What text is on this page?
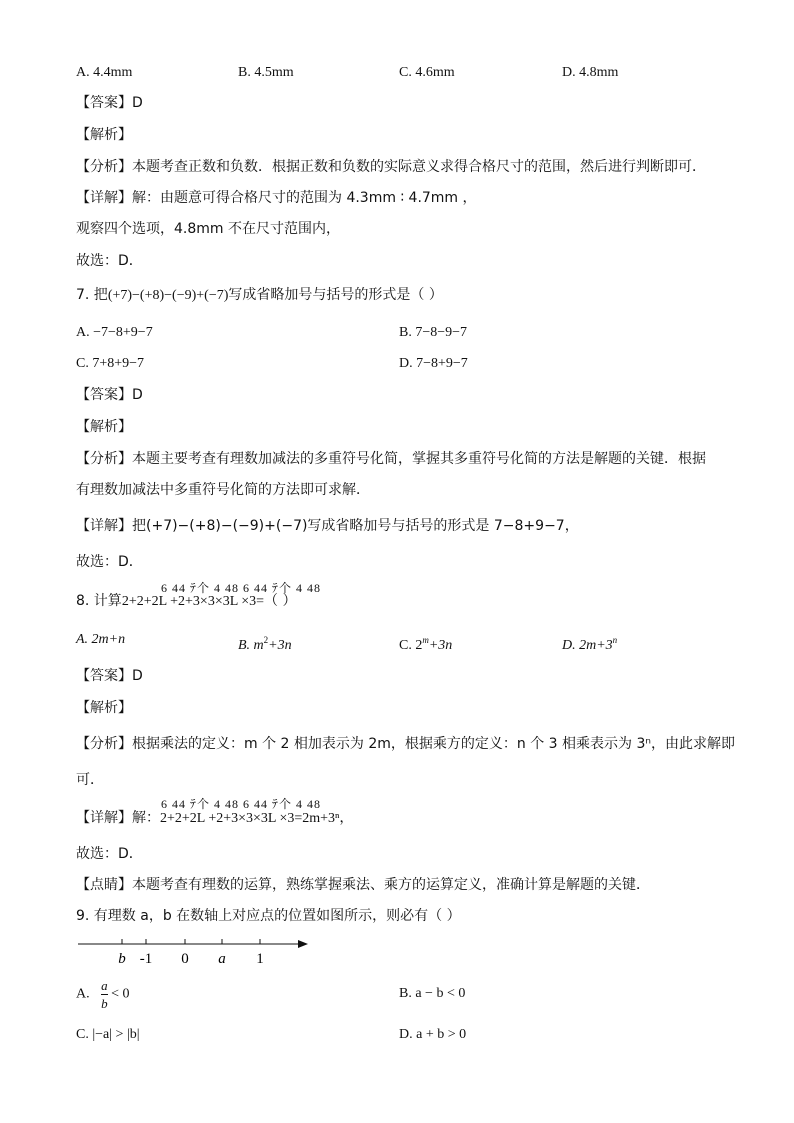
A. 4.4mm	B. 4.5mm	C. 4.6mm	D. 4.8mm
【答案】D
【解析】
【分析】本题考查正数和负数．根据正数和负数的实际意义求得合格尺寸的范围，然后进行判断即可．
【详解】解：由题意可得合格尺寸的范围为 4.3mm ∶ 4.7mm ，
观察四个选项，4.8mm 不在尺寸范围内，
故选：D．
7. 把(+7)−(+8)−(−9)+(−7)写成省略加号与括号的形式是（ ）
A. −7−8+9−7	B. 7−8−9−7
C. 7+8+9−7	D. 7−8+9−7
【答案】D
【解析】
【分析】本题主要考查有理数加减法的多重符号化简，掌握其多重符号化简的方法是解题的关键．根据
有理数加减法中多重符号化简的方法即可求解．
【详解】把(+7)−(+8)−(−9)+(−7)写成省略加号与括号的形式是 7−8+9−7，
故选：D．
6 44 ﾃ个 4 48 6 44 ﾃ个 4 48
8. 计算2+2+2L +2+3×3×3L ×3=（ ）
A. 2m+n	B. $m^2+3n$	C. $2^m+3n$	D. $2m+3^n$
【答案】D
【解析】
【分析】根据乘法的定义：m 个 2 相加表示为 2m，根据乘方的定义：n 个 3 相乘表示为 3ⁿ，由此求解即
可．
6 44 ﾃ个 4 48 6 44 ﾃ个 4 48
【详解】解：2+2+2L +2+3×3×3L ×3=2m+3ⁿ，
故选：D．
【点睛】本题考查有理数的运算，熟练掌握乘法、乘方的运算定义，准确计算是解题的关键．
9. 有理数 a，b 在数轴上对应点的位置如图所示，则必有（ ）
b -1 0 a 1
A. $\frac{a}{b} < 0$	B. a − b < 0
C. |−a| > |b|	D. a + b > 0
